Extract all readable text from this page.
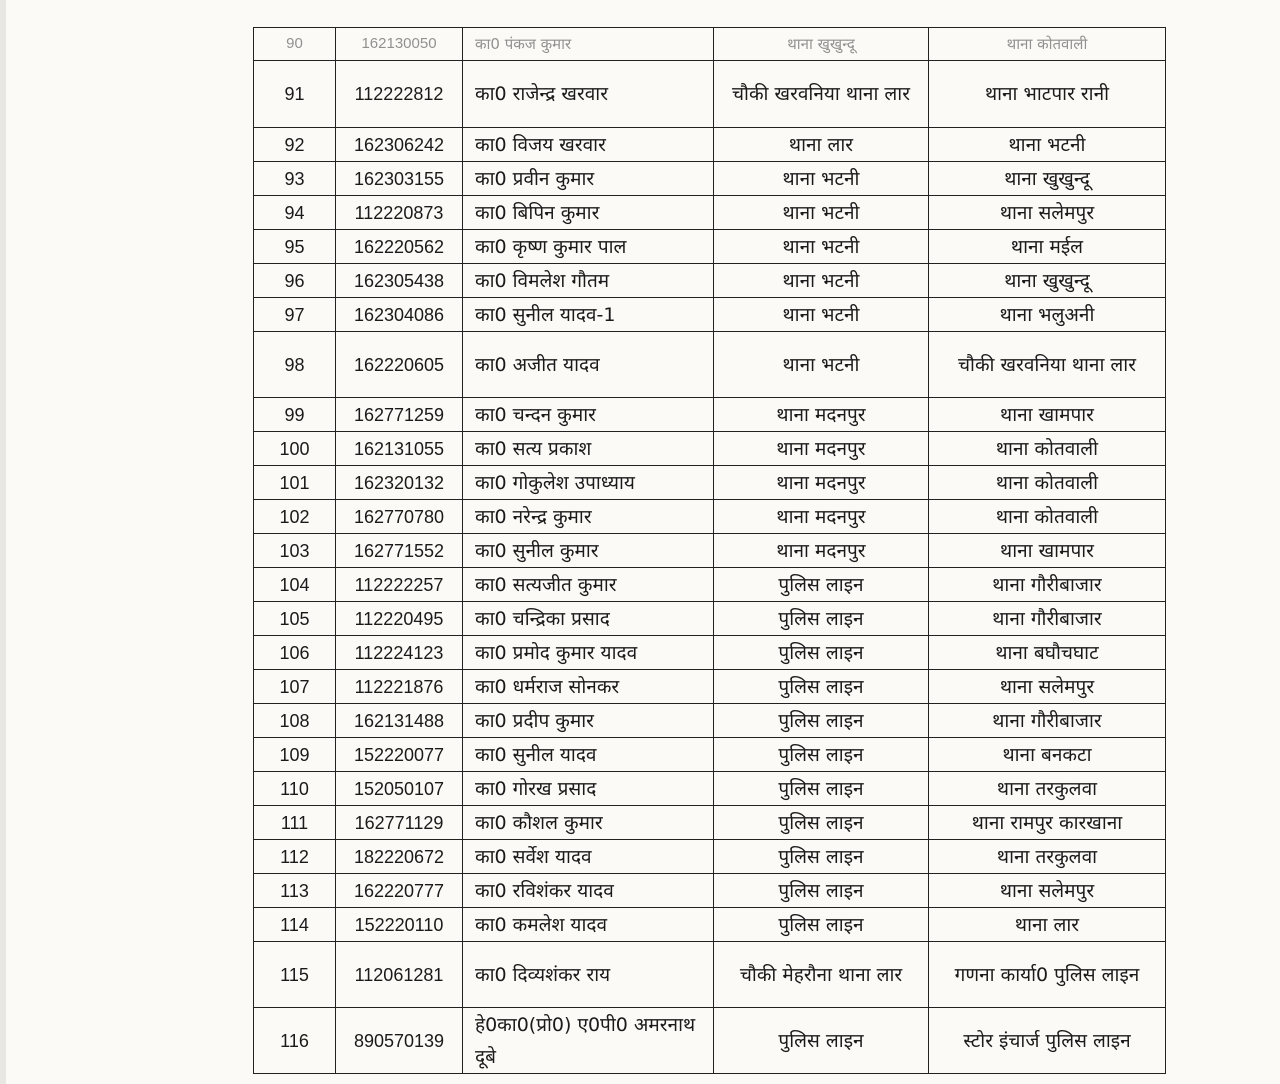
90	162130050	का0 पंकज कुमार	थाना खुखुन्दू	थाना कोतवाली
91	112222812	का0 राजेन्द्र खरवार	चौकी खरवनिया थाना लार	थाना भाटपार रानी
92	162306242	का0 विजय खरवार	थाना लार	थाना भटनी
93	162303155	का0 प्रवीन कुमार	थाना भटनी	थाना खुखुन्दू
94	112220873	का0 बिपिन कुमार	थाना भटनी	थाना सलेमपुर
95	162220562	का0 कृष्ण कुमार पाल	थाना भटनी	थाना मईल
96	162305438	का0 विमलेश गौतम	थाना भटनी	थाना खुखुन्दू
97	162304086	का0 सुनील यादव-1	थाना भटनी	थाना भलुअनी
98	162220605	का0 अजीत यादव	थाना भटनी	चौकी खरवनिया थाना लार
99	162771259	का0 चन्दन कुमार	थाना मदनपुर	थाना खामपार
100	162131055	का0 सत्य प्रकाश	थाना मदनपुर	थाना कोतवाली
101	162320132	का0 गोकुलेश उपाध्याय	थाना मदनपुर	थाना कोतवाली
102	162770780	का0 नरेन्द्र कुमार	थाना मदनपुर	थाना कोतवाली
103	162771552	का0 सुनील कुमार	थाना मदनपुर	थाना खामपार
104	112222257	का0 सत्यजीत कुमार	पुलिस लाइन	थाना गौरीबाजार
105	112220495	का0 चन्द्रिका प्रसाद	पुलिस लाइन	थाना गौरीबाजार
106	112224123	का0 प्रमोद कुमार यादव	पुलिस लाइन	थाना बघौचघाट
107	112221876	का0 धर्मराज सोनकर	पुलिस लाइन	थाना सलेमपुर
108	162131488	का0 प्रदीप कुमार	पुलिस लाइन	थाना गौरीबाजार
109	152220077	का0 सुनील यादव	पुलिस लाइन	थाना बनकटा
110	152050107	का0 गोरख प्रसाद	पुलिस लाइन	थाना तरकुलवा
111	162771129	का0 कौशल कुमार	पुलिस लाइन	थाना रामपुर कारखाना
112	182220672	का0 सर्वेश यादव	पुलिस लाइन	थाना तरकुलवा
113	162220777	का0 रविशंकर यादव	पुलिस लाइन	थाना सलेमपुर
114	152220110	का0 कमलेश यादव	पुलिस लाइन	थाना लार
115	112061281	का0 दिव्यशंकर राय	चौकी मेहरौना थाना लार	गणना कार्या0 पुलिस लाइन
116	890570139	हे0का0(प्रो0) ए0पी0 अमरनाथ दूबे	पुलिस लाइन	स्टोर इंचार्ज पुलिस लाइन
